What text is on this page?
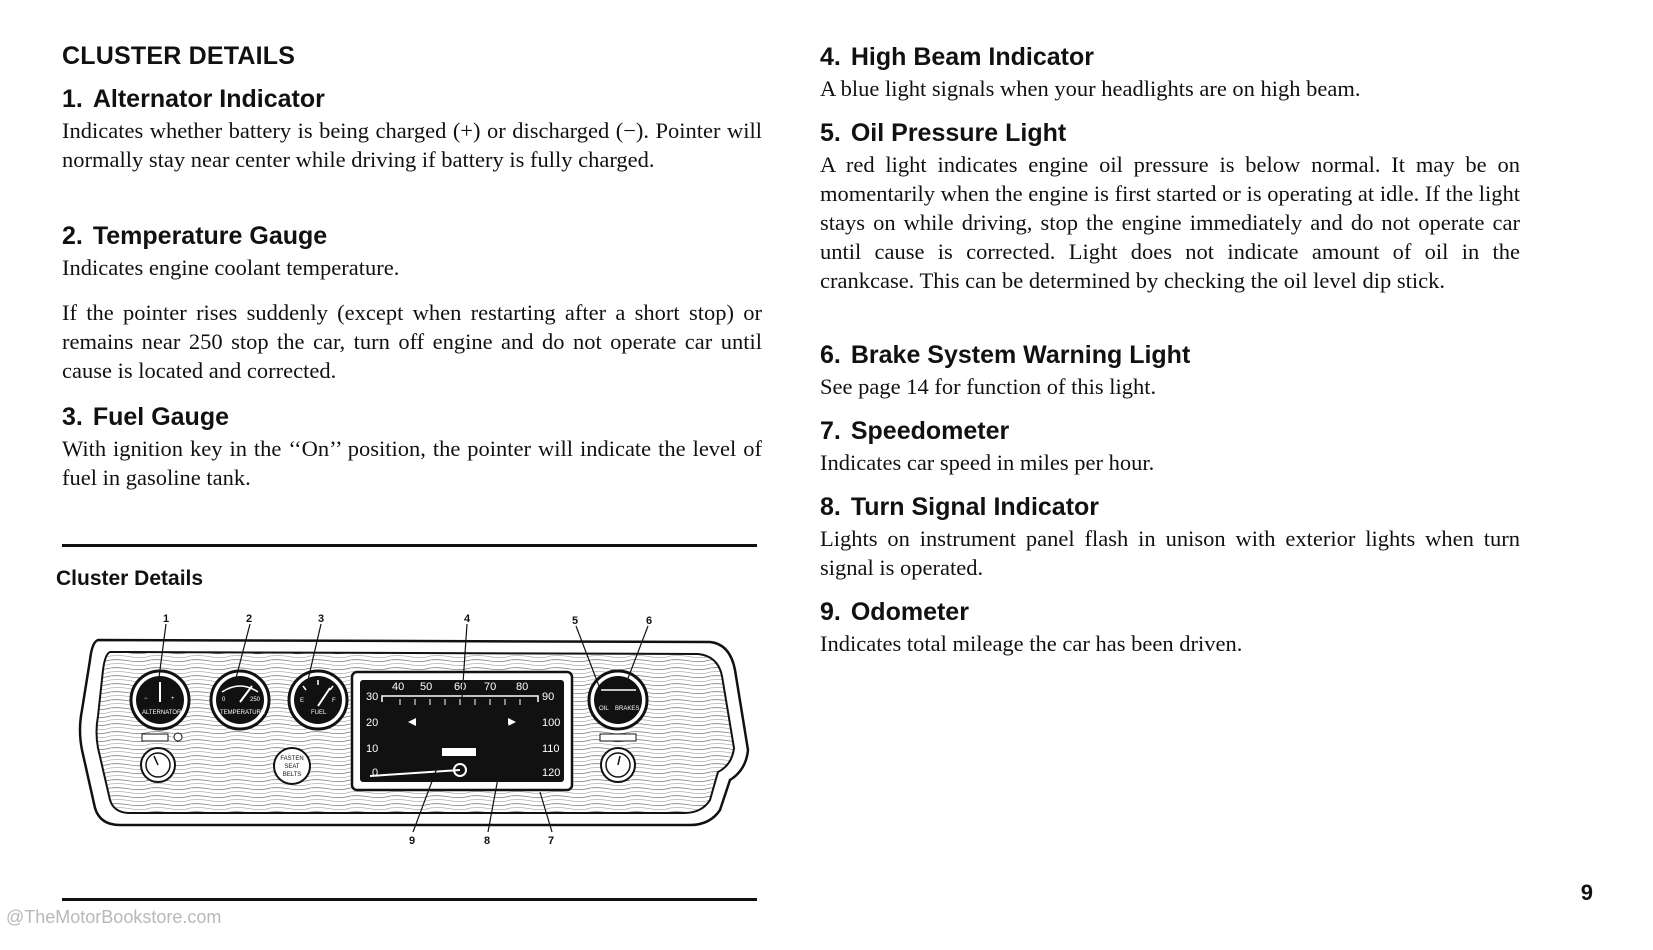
CLUSTER DETAILS
1. Alternator Indicator

Indicates whether battery is being charged (+) or discharged (−). Pointer will normally stay near center while driving if battery is fully charged.

2. Temperature Gauge

Indicates engine coolant temperature.

If the pointer rises suddenly (except when restarting after a short stop) or remains near 250 stop the car, turn off engine and do not operate car until cause is located and corrected.

3. Fuel Gauge

With ignition key in the ‘‘On’’ position, the pointer will indicate the level of fuel in gasoline tank.

Cluster Details
−	+
ALTERNATOR
0	250
TEMPERATURE
E	F
FUEL
FASTEN
SEAT
BELTS
30
20
10
0
40 50 60 70 80
90
100
110
120
OIL BRAKES
1	2	3	4	5	6
7
8
9
@TheMotorBookstore.com
4. High Beam Indicator

A blue light signals when your headlights are on high beam.

5. Oil Pressure Light

A red light indicates engine oil pressure is below normal. It may be on momentarily when the engine is first started or is operating at idle. If the light stays on while driving, stop the engine immediately and do not operate car until cause is corrected. Light does not indicate amount of oil in the crankcase. This can be determined by checking the oil level dip stick.

6. Brake System Warning Light

See page 14 for function of this light.

7. Speedometer

Indicates car speed in miles per hour.

8. Turn Signal Indicator

Lights on instrument panel flash in unison with exterior lights when turn signal is operated.

9. Odometer

Indicates total mileage the car has been driven.

9
